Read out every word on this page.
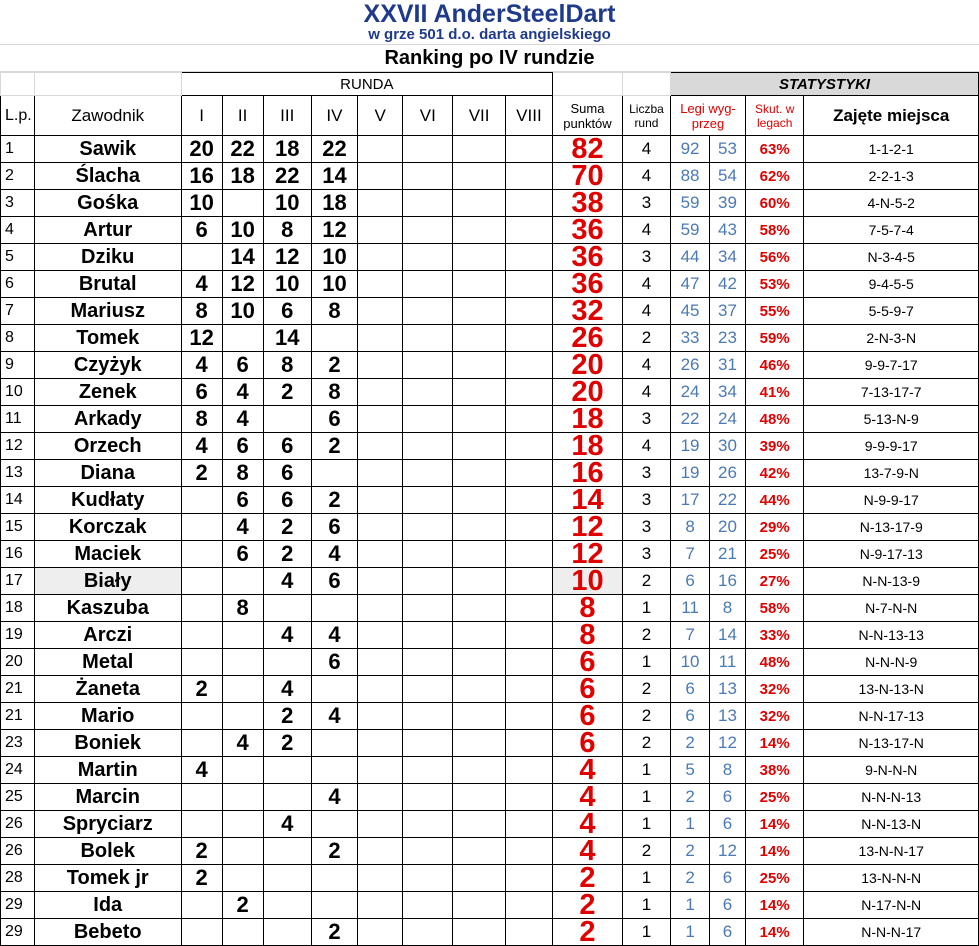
XXVII AnderSteelDart
w grze 501 d.o. darta angielskiego
Ranking po IV rundzie
		RUNDA										STATYSTYKI			
L.p.	Zawodnik	I	II	III	IV	V	VI	VII	VIII	Suma punktów	Liczba rund	Legi wyg-przeg		Skut. w legach	Zajęte miejsca
1	Sawik	20	22	18	22					82	4	92	53	63%	1-1-2-1
2	Ślacha	16	18	22	14					70	4	88	54	62%	2-2-1-3
3	Gośka	10		10	18					38	3	59	39	60%	4-N-5-2
4	Artur	6	10	8	12					36	4	59	43	58%	7-5-7-4
5	Dziku		14	12	10					36	3	44	34	56%	N-3-4-5
6	Brutal	4	12	10	10					36	4	47	42	53%	9-4-5-5
7	Mariusz	8	10	6	8					32	4	45	37	55%	5-5-9-7
8	Tomek	12		14						26	2	33	23	59%	2-N-3-N
9	Czyżyk	4	6	8	2					20	4	26	31	46%	9-9-7-17
10	Zenek	6	4	2	8					20	4	24	34	41%	7-13-17-7
11	Arkady	8	4		6					18	3	22	24	48%	5-13-N-9
12	Orzech	4	6	6	2					18	4	19	30	39%	9-9-9-17
13	Diana	2	8	6						16	3	19	26	42%	13-7-9-N
14	Kudłaty		6	6	2					14	3	17	22	44%	N-9-9-17
15	Korczak		4	2	6					12	3	8	20	29%	N-13-17-9
16	Maciek		6	2	4					12	3	7	21	25%	N-9-17-13
17	Biały			4	6					10	2	6	16	27%	N-N-13-9
18	Kaszuba		8							8	1	11	8	58%	N-7-N-N
19	Arczi			4	4					8	2	7	14	33%	N-N-13-13
20	Metal				6					6	1	10	11	48%	N-N-N-9
21	Żaneta	2		4						6	2	6	13	32%	13-N-13-N
21	Mario			2	4					6	2	6	13	32%	N-N-17-13
23	Boniek		4	2						6	2	2	12	14%	N-13-17-N
24	Martin	4								4	1	5	8	38%	9-N-N-N
25	Marcin				4					4	1	2	6	25%	N-N-N-13
26	Spryciarz			4						4	1	1	6	14%	N-N-13-N
26	Bolek	2			2					4	2	2	12	14%	13-N-N-17
28	Tomek jr	2								2	1	2	6	25%	13-N-N-N
29	Ida		2							2	1	1	6	14%	N-17-N-N
29	Bebeto				2					2	1	1	6	14%	N-N-N-17
